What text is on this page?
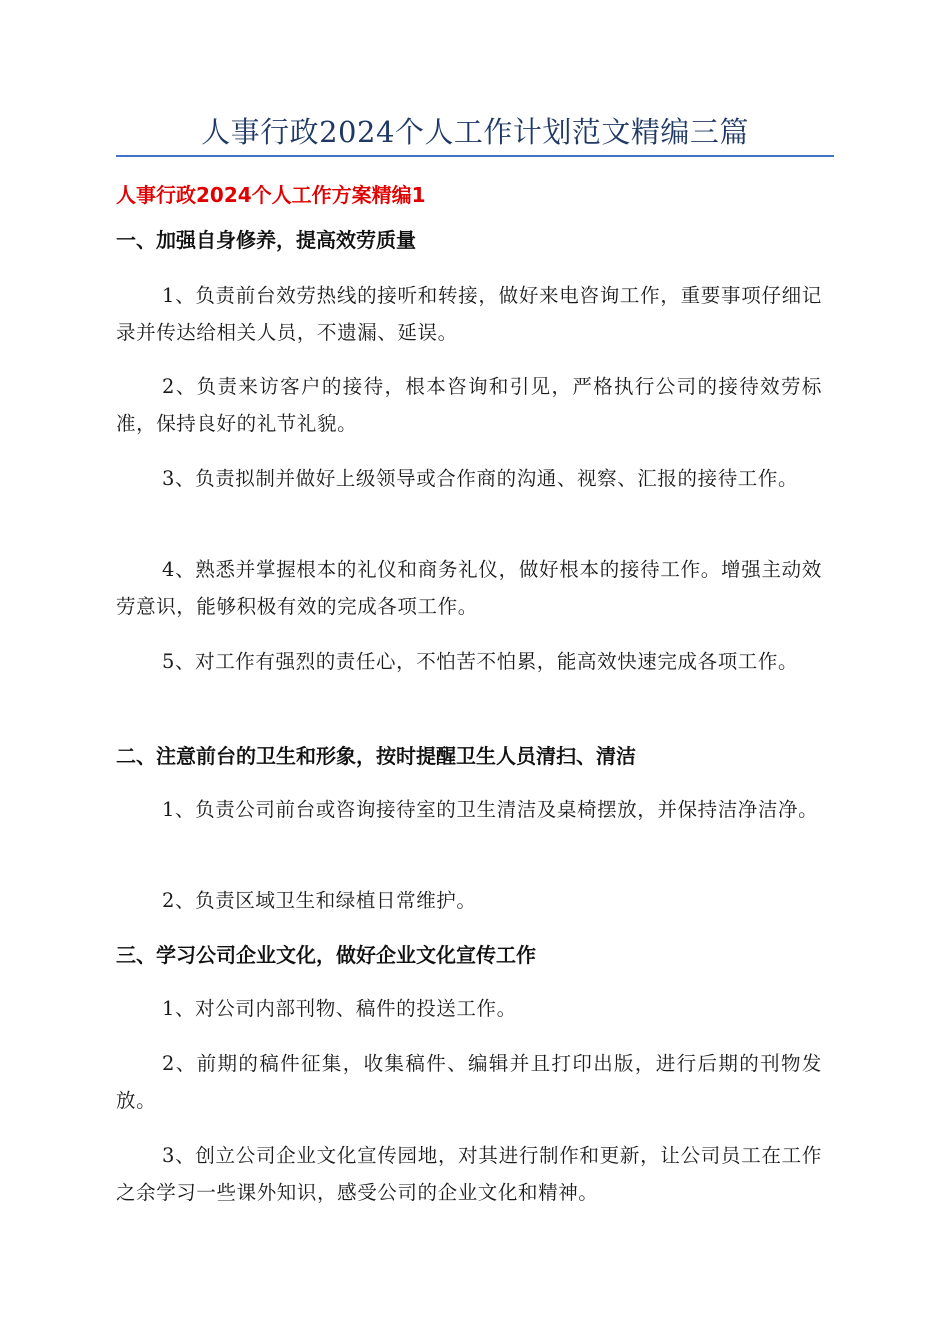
人事行政2024个人工作计划范文精编三篇
人事行政2024个人工作方案精编1
一、加强自身修养，提高效劳质量
1、负责前台效劳热线的接听和转接，做好来电咨询工作，重要事项仔细记录并传达给相关人员，不遗漏、延误。
2、负责来访客户的接待，根本咨询和引见，严格执行公司的接待效劳标准，保持良好的礼节礼貌。
3、负责拟制并做好上级领导或合作商的沟通、视察、汇报的接待工作。
4、熟悉并掌握根本的礼仪和商务礼仪，做好根本的接待工作。增强主动效劳意识，能够积极有效的完成各项工作。
5、对工作有强烈的责任心，不怕苦不怕累，能高效快速完成各项工作。
二、注意前台的卫生和形象，按时提醒卫生人员清扫、清洁
1、负责公司前台或咨询接待室的卫生清洁及桌椅摆放，并保持洁净洁净。
2、负责区域卫生和绿植日常维护。
三、学习公司企业文化，做好企业文化宣传工作
1、对公司内部刊物、稿件的投送工作。
2、前期的稿件征集，收集稿件、编辑并且打印出版，进行后期的刊物发放。
3、创立公司企业文化宣传园地，对其进行制作和更新，让公司员工在工作之余学习一些课外知识，感受公司的企业文化和精神。
